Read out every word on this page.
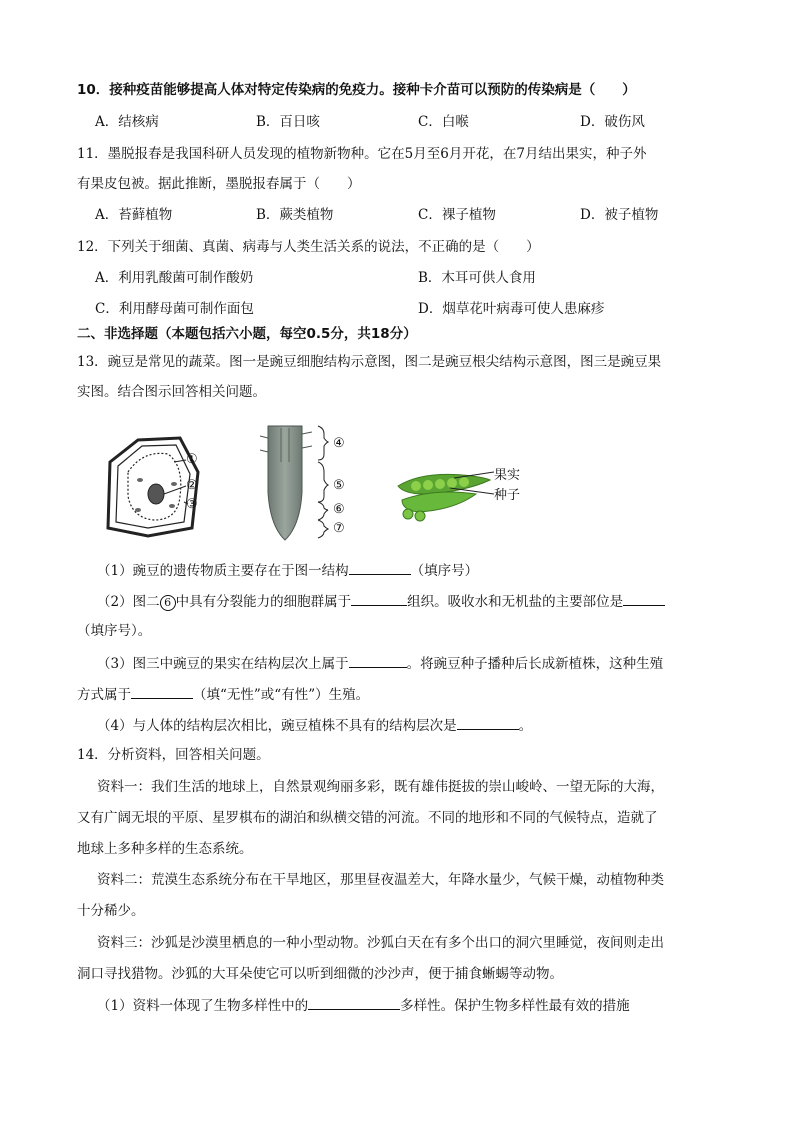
10．接种疫苗能够提高人体对特定传染病的免疫力。接种卡介苗可以预防的传染病是（　　）
A．结核病	B．百日咳	C．白喉	D．破伤风
11．墨脱报春是我国科研人员发现的植物新物种。它在5月至6月开花，在7月结出果实，种子外
有果皮包被。据此推断，墨脱报春属于（　　）
A．苔藓植物	B．蕨类植物	C．裸子植物	D．被子植物
12．下列关于细菌、真菌、病毒与人类生活关系的说法，不正确的是（　　）
A．利用乳酸菌可制作酸奶	B．木耳可供人食用
C．利用酵母菌可制作面包	D．烟草花叶病毒可使人患麻疹
二、非选择题（本题包括六小题，每空0.5分，共18分）
13．豌豆是常见的蔬菜。图一是豌豆细胞结构示意图，图二是豌豆根尖结构示意图，图三是豌豆果
实图。结合图示回答相关问题。
①
②
③
④
⑤
⑥
⑦
果实
种子
（1）豌豆的遗传物质主要存在于图一结构	（填序号）
（2）图二 6 中具有分裂能力的细胞群属于	组织。吸收水和无机盐的主要部位是
（填序号）。
（3）图三中豌豆的果实在结构层次上属于	。将豌豆种子播种后长成新植株，这种生殖
方式属于	（填“无性”或“有性”）生殖。
（4）与人体的结构层次相比，豌豆植株不具有的结构层次是	。
14．分析资料，回答相关问题。
资料一：我们生活的地球上，自然景观绚丽多彩，既有雄伟挺拔的崇山峻岭、一望无际的大海，
又有广阔无垠的平原、星罗棋布的湖泊和纵横交错的河流。不同的地形和不同的气候特点，造就了
地球上多种多样的生态系统。
资料二：荒漠生态系统分布在干旱地区，那里昼夜温差大，年降水量少，气候干燥，动植物种类
十分稀少。
资料三：沙狐是沙漠里栖息的一种小型动物。沙狐白天在有多个出口的洞穴里睡觉，夜间则走出
洞口寻找猎物。沙狐的大耳朵使它可以听到细微的沙沙声，便于捕食蜥蜴等动物。
（1）资料一体现了生物多样性中的	多样性。保护生物多样性最有效的措施
